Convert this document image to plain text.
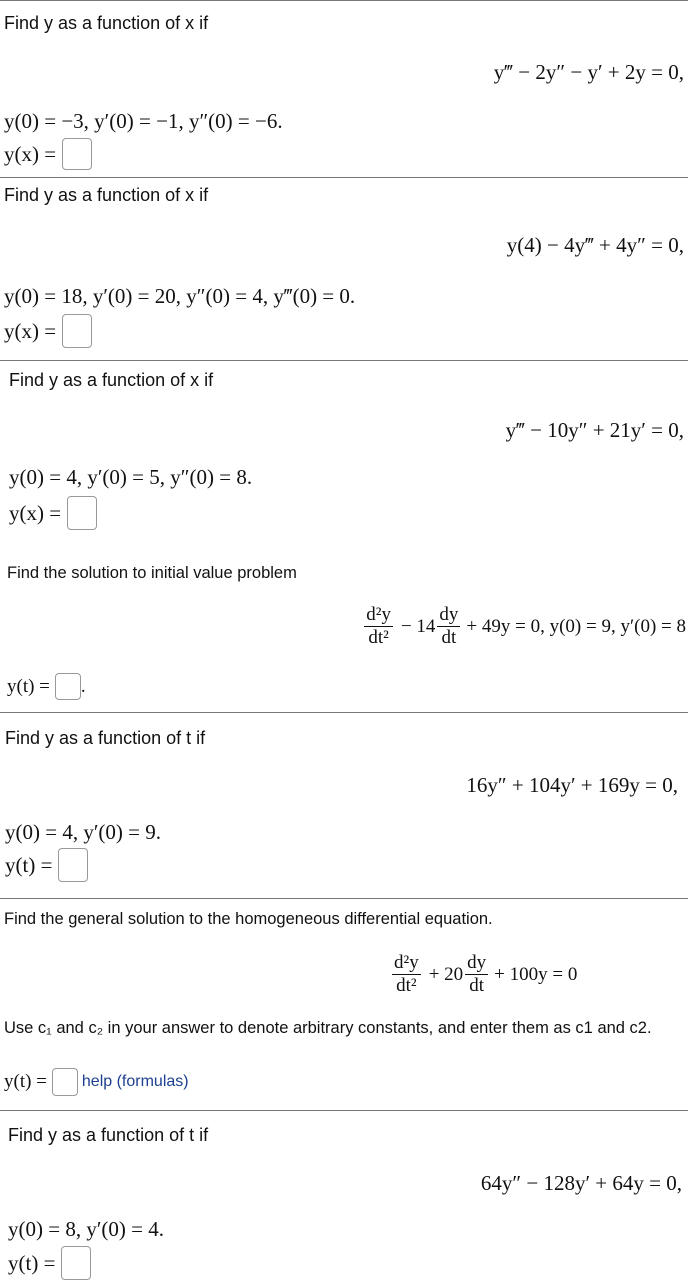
Find y as a function of x if
y‴ − 2y″ − y′ + 2y = 0,
y(0) = −3, y′(0) = −1, y″(0) = −6.
y(x) =
Find y as a function of x if
y(4) − 4y‴ + 4y″ = 0,
y(0) = 18, y′(0) = 20, y″(0) = 4, y‴(0) = 0.
y(x) =
Find y as a function of x if
y‴ − 10y″ + 21y′ = 0,
y(0) = 4, y′(0) = 5, y″(0) = 8.
y(x) =
Find the solution to initial value problem
$\frac{\text{d²y}}{\text{dt²}} - 14 \frac{dy}{dt} + 49y = 0$, y(0) = 9, y′(0) = 8
y(t) = .
Find y as a function of t if
16y″ + 104y′ + 169y = 0,
y(0) = 4, y′(0) = 9.
y(t) =
Find the general solution to the homogeneous differential equation.
$\frac{\text{d²y}}{\text{dt²}} + 20 \frac{dy}{dt} + 100y = 0$
Use c₁ and c₂ in your answer to denote arbitrary constants, and enter them as c1 and c2.
y(t) = help (formulas)
Find y as a function of t if
64y″ − 128y′ + 64y = 0,
y(0) = 8, y′(0) = 4.
y(t) =
